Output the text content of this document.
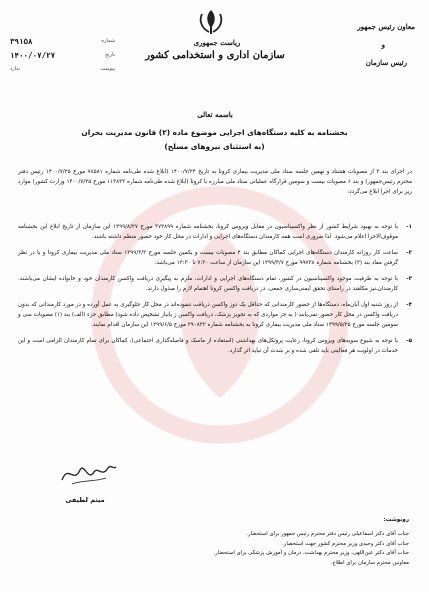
ریاست جمهوری
سازمان اداری و استخدامی کشور
معاون رئیس جمهور
و
رئیس سازمان
۳۹۱۵۸	شماره
۱۴۰۰/۰۷/۲۷	تاریخ
ندارد	پیوست
باسمه تعالی
بخشنامه به کلیه دستگاه‌های اجرایی موضوع ماده (۲) قانون مدیریت بحران
(به استثنای نیروهای مسلح)
در اجرای بند ۳ از مصوبات هشتاد و نهمین جلسه ستاد ملی مدیریت بیماری کرونا به تاریخ ۱۴۰۰/۷/۲۴ (ابلاغ شده طی‌نامه شماره ۷۸۵۸۱ مورخ ۱۴۰۰/۷/۲۵ رئیس دفتر محترم رئیس‌جمهور) و بند ۶ مصوبات بیست و سومین قرارگاه عملیاتی ستاد ملی مبارزه با کرونا (ابلاغ شده طی‌نامه شماره ۱۱۳۸۳۳ مورخ ۱۴۰۰/۷/۲۵ وزارت کشور) موارد زیر برای اجرا ابلاغ می‌گردد:
۱-
با توجه به بهبود شرایط کشور از نظر واکسیناسیون در مقابل ویروس کرونا، بخشنامه شماره ۳۷۳۸۹۹ مورخ ۱۳۹۹/۸/۲۷ این سازمان از تاریخ ابلاغ این بخشنامه موقوف‌الاجرا اعلام می‌شود. لذا ضروری است همه کارمندان دستگاه‌های اجرایی و ادارات در محل کار خود حضور منظم داشته باشند.
۲-
ساعت کار روزانه کارمندان دستگاه‌های اجرایی کماکان مطابق بند ۴ مصوبات بیست و یکمین جلسه مورخ ۱۳۹۹/۳/۳ ستاد ملی مدیریت بیماری کرونا و با در نظر گرفتن مفاد بند (۳) بخشنامه شماره ۹۹۷۳۸ مورخ ۱۳۹۹/۳/۷ این سازمان از ساعت ۷:۳۰ تا ۱۳:۳۰ می‌باشد.
۳-
با توجه به ظرفیت موجود واکسیناسیون در کشور، تمام دستگاه‌های اجرایی و ادارات، ملزم به پیگیری دریافت واکسن کارمندان خود و خانواده ایشان می‌باشند. کارمندان‌ـ‌نیز مکلفند در راستای تحقق ایمنی‌سازی جمعی، در دریافت واکسن کرونا اهتمام لازم را مبذول دارند.
۴-
از روز شنبه اول آبان‌ماه، دستگاه‌ها از حضور کارمندانی که حداقل یک دوز واکسن دریافت ننموده‌اند در محل کار جلوگیری به عمل آورده و در مورد کارمندانی که بدون دریافت واکسن در محل کار حضور نمی‌یابند ( به جز مواردی که به تجویز پزشک، دریافت واکسن ز یانبار تشخیص داده شود) مطابق جزء (الف) بند (۱) مصوبات سی و سومین جلسه مورخ ۱۳۹۹/۵/۲۵ ستاد ملی مدیریت بیماری کرونا به بخشنامه شماره ۲۹۰۸۳۲ مورخ ۱۳۹۹/۶/۵ این سازمان اقدام نمایند.
۵-
با توجه به شیوع سویه‌های ویروس کرونا، رعایت پروتکل‌های بهداشتی (استفاده از ماسک و فاصله‌گذاری اجتماعی)، کماکان برای تمام کارمندان الزامی است و این خدمات در اولویت هر فعالیتی باید تلقی شده و بر شدت آن نباید اثر گذارد.
میثم لطیفی
رونوشت:
جناب آقای دکتر اسماعیلی رئیس دفتر محترم رئیس جمهور برای استحضار.
جناب آقای دکتر وحیدی وزیر محترم کشور جهت استحضار.
جناب آقای دکتر عین‌اللهی، وزیر محترم بهداشت، درمان و آموزش پزشکی برای استحضار.
معاونین محترم سازمان برای اطلاع.
